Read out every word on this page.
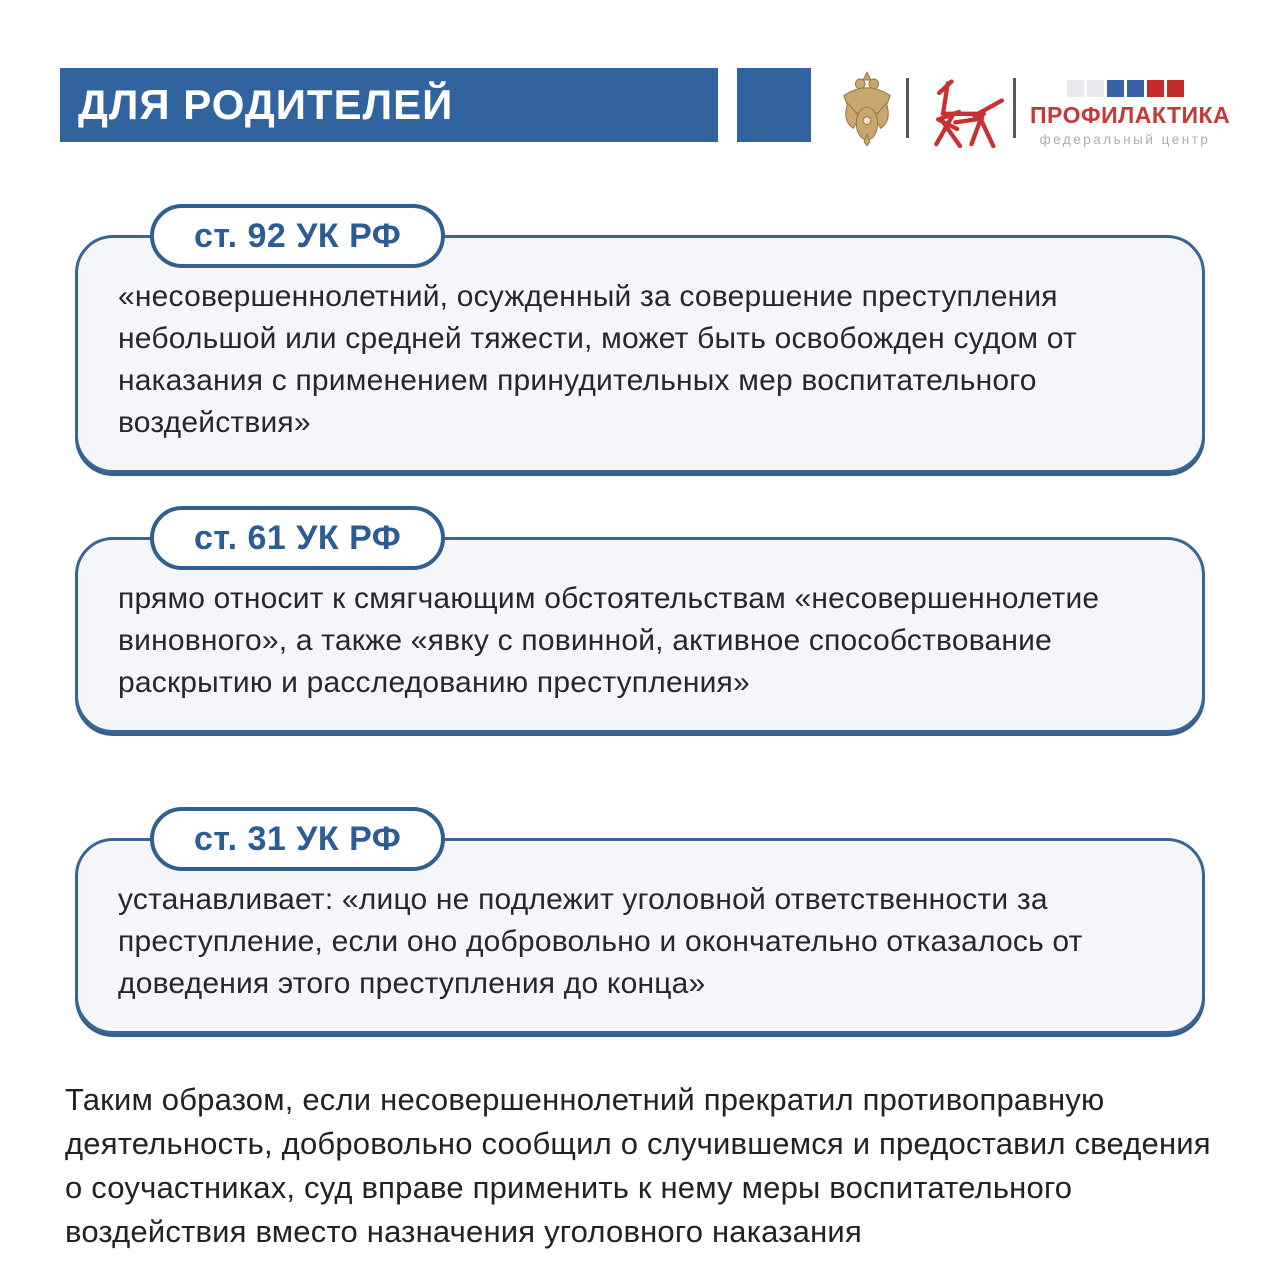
ДЛЯ РОДИТЕЛЕЙ	ПРОФИЛАКТИКА
федеральный центр
ст. 92 УК РФ
«несовершеннолетний, осужденный за совершение преступления небольшой или средней тяжести, может быть освобожден судом от наказания с применением принудительных мер воспитательного воздействия»
ст. 61 УК РФ
прямо относит к смягчающим обстоятельствам «несовершеннолетие виновного», а также «явку с повинной, активное способствование раскрытию и расследованию преступления»
ст. 31 УК РФ
устанавливает: «лицо не подлежит уголовной ответственности за преступление, если оно добровольно и окончательно отказалось от доведения этого преступления до конца»
Таким образом, если несовершеннолетний прекратил противоправную деятельность, добровольно сообщил о случившемся и предоставил сведения о соучастниках, суд вправе применить к нему меры воспитательного воздействия вместо назначения уголовного наказания
